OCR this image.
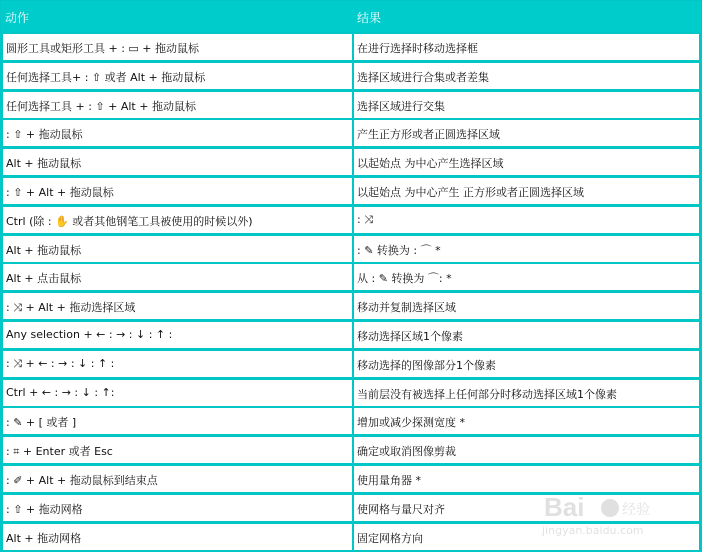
动作	结果
圆形工具或矩形工具 + : ▭ + 拖动鼠标	在进行选择时移动选择框
任何选择工具+ : ⇧ 或者 Alt + 拖动鼠标	选择区域进行合集或者差集
任何选择工具 + : ⇧ + Alt + 拖动鼠标	选择区域进行交集
: ⇧ + 拖动鼠标	产生正方形或者正圆选择区域
Alt + 拖动鼠标	以起始点 为中心产生选择区域
: ⇧ + Alt + 拖动鼠标	以起始点 为中心产生 正方形或者正圆选择区域
Ctrl (除 : ✋ 或者其他钢笔工具被使用的时候以外)	: ⤨
Alt + 拖动鼠标	: ✎ 转换为 : ⌒ *
Alt + 点击鼠标	从 : ✎ 转换为 ⌒: *
: ⤨ + Alt + 拖动选择区域	移动并复制选择区域
Any selection + ← : → : ↓ : ↑ :	移动选择区域1个像素
: ⤨ + ← : → : ↓ : ↑ :	移动选择的图像部分1个像素
Ctrl + ← : → : ↓ : ↑:	当前层没有被选择上任何部分时移动选择区域1个像素
: ✎ + [ 或者 ]	增加或减少探测宽度 *
: ⌗ + Enter 或者 Esc	确定或取消图像剪裁
: ✐ + Alt + 拖动鼠标到结束点	使用量角器 *
: ⇧ + 拖动网格	使网格与量尺对齐
Alt + 拖动网格	固定网格方向
Bai	经验
jingyan.baidu.com
